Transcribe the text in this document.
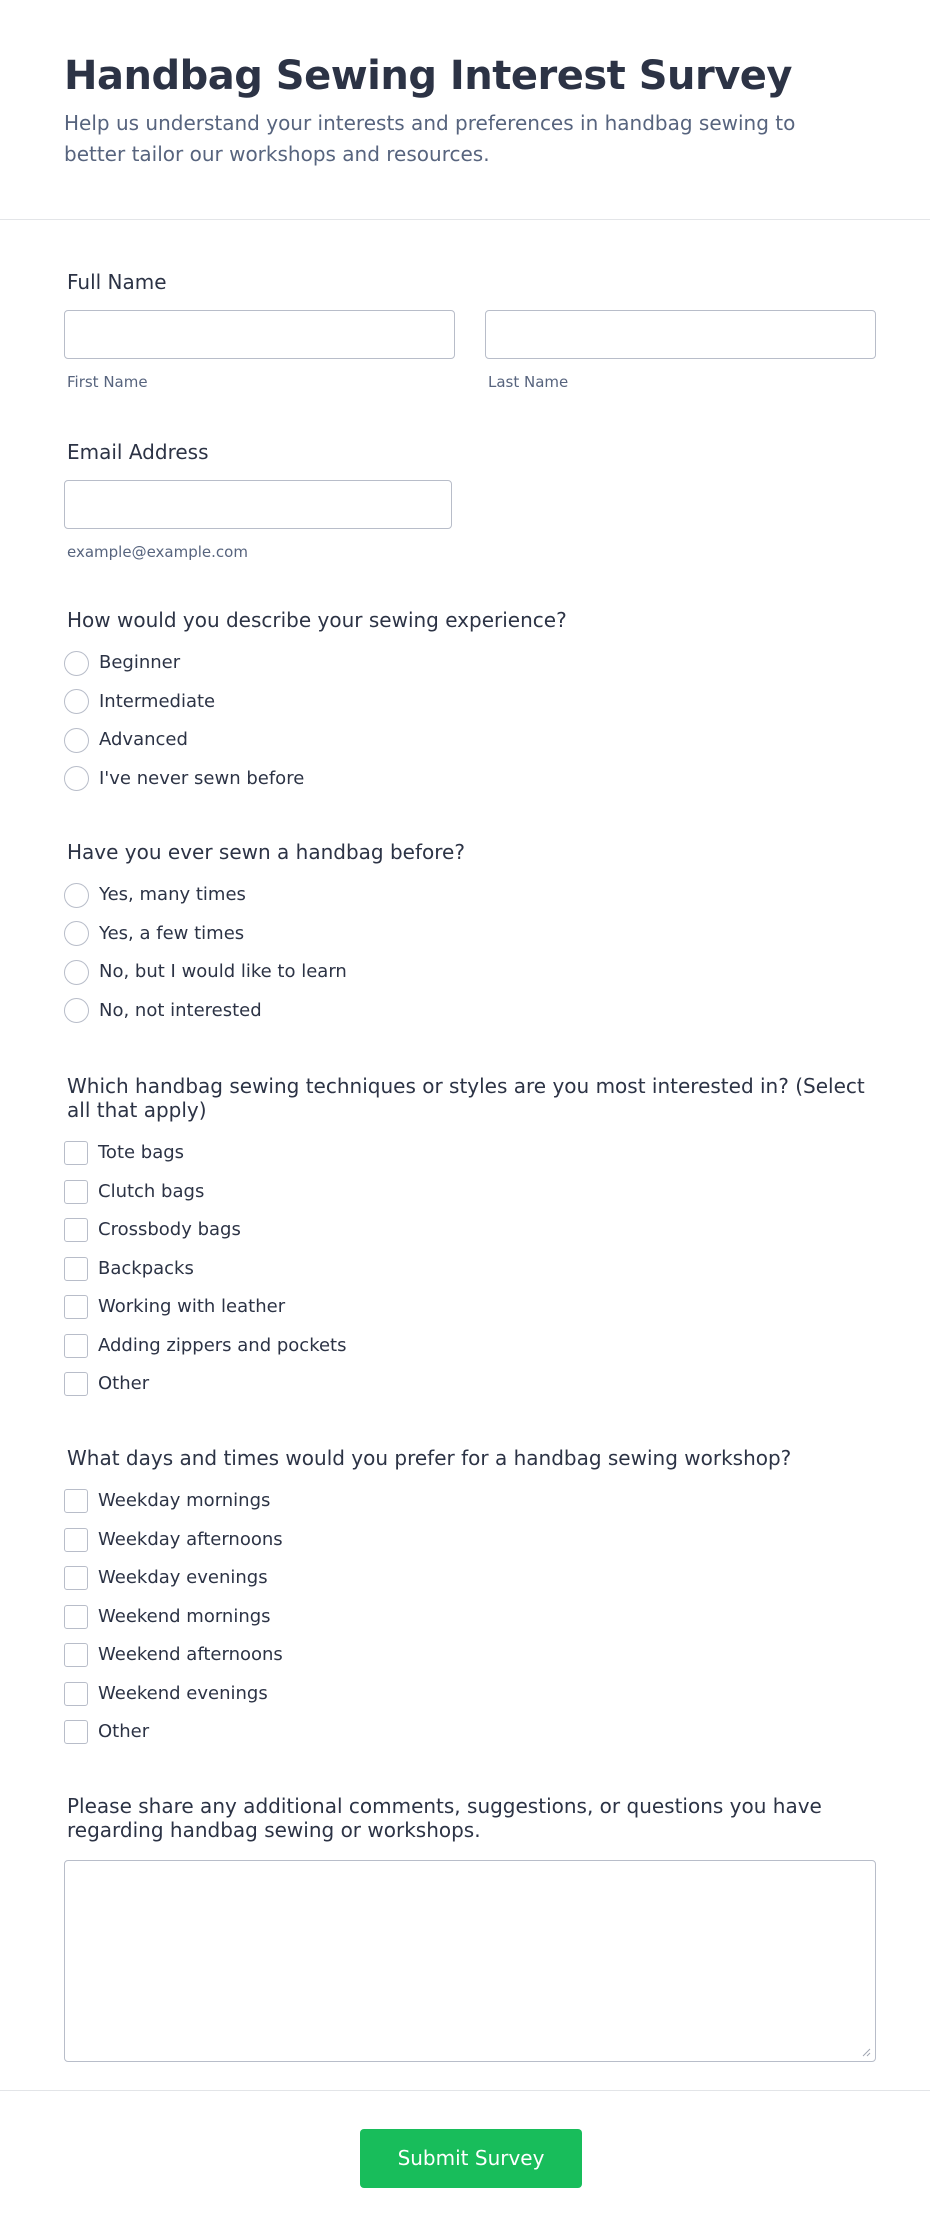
Handbag Sewing Interest Survey

Help us understand your interests and preferences in handbag sewing to better tailor our workshops and resources.

Full Name
First Name	Last Name
Email Address
example@example.com
How would you describe your sewing experience?
Beginner
Intermediate
Advanced
I've never sewn before
Have you ever sewn a handbag before?
Yes, many times
Yes, a few times
No, but I would like to learn
No, not interested
Which handbag sewing techniques or styles are you most interested in? (Select all that apply)
Tote bags
Clutch bags
Crossbody bags
Backpacks
Working with leather
Adding zippers and pockets
Other
What days and times would you prefer for a handbag sewing workshop?
Weekday mornings
Weekday afternoons
Weekday evenings
Weekend mornings
Weekend afternoons
Weekend evenings
Other
Please share any additional comments, suggestions, or questions you have regarding handbag sewing or workshops.
Submit Survey
